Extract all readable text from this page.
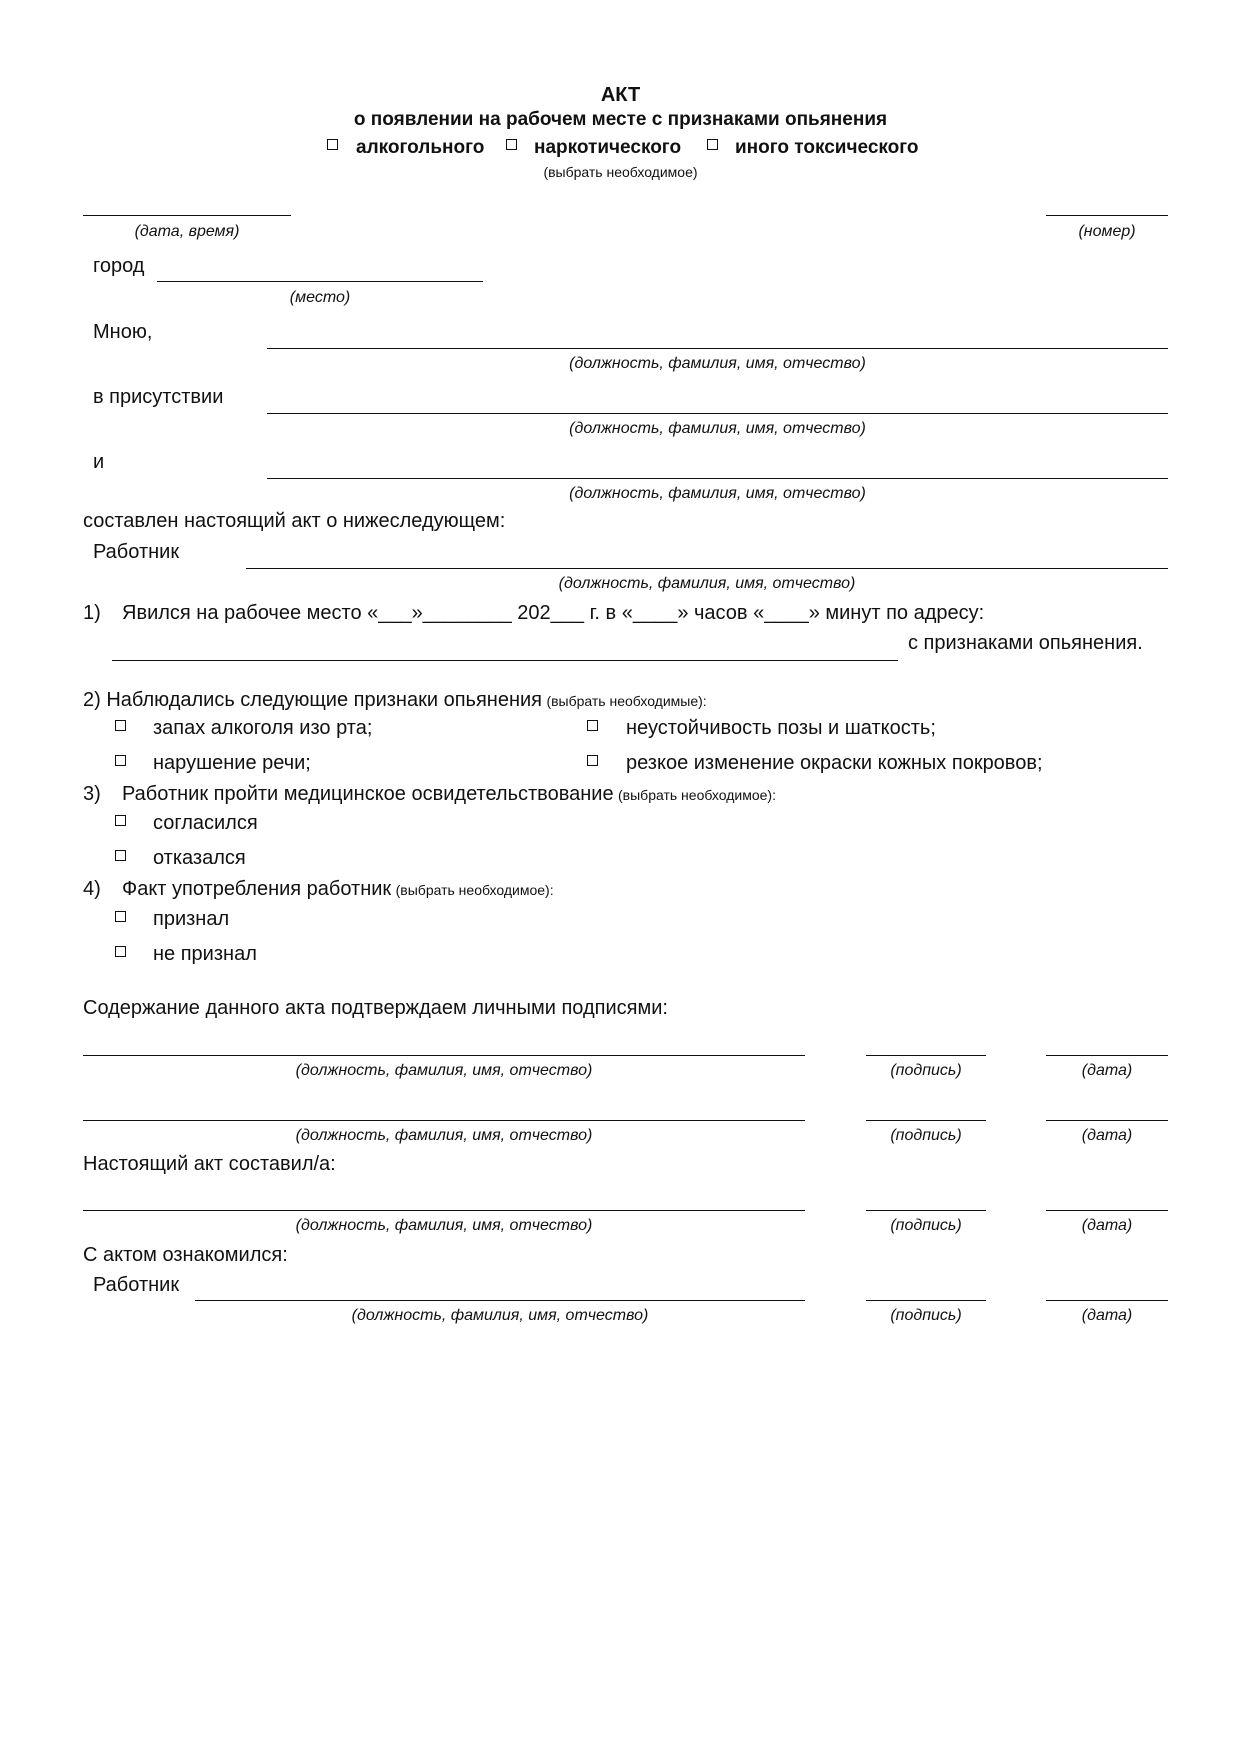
АКТ
о появлении на рабочем месте с признаками опьянения
алкогольного	наркотического	иного токсического
(выбрать необходимое)
(дата, время)	(номер)
город
(место)
Мною,
(должность, фамилия, имя, отчество)
в присутствии
(должность, фамилия, имя, отчество)
и
(должность, фамилия, имя, отчество)
составлен настоящий акт о нижеследующем:
Работник
(должность, фамилия, имя, отчество)
1) Явился на рабочее место «___»________ 202___ г. в «____» часов «____» минут по адресу:
с признаками опьянения.
2) Наблюдались следующие признаки опьянения (выбрать необходимые):
запах алкоголя изо рта;	неустойчивость позы и шаткость;
нарушение речи;	резкое изменение окраски кожных покровов;
3) Работник пройти медицинское освидетельствование (выбрать необходимое):
согласился
отказался
4) Факт употребления работник (выбрать необходимое):
признал
не признал
Содержание данного акта подтверждаем личными подписями:
(должность, фамилия, имя, отчество)	(подпись)	(дата)
(должность, фамилия, имя, отчество)	(подпись)	(дата)
Настоящий акт составил/а:
(должность, фамилия, имя, отчество)	(подпись)	(дата)
С актом ознакомился:
Работник
(должность, фамилия, имя, отчество)	(подпись)	(дата)
